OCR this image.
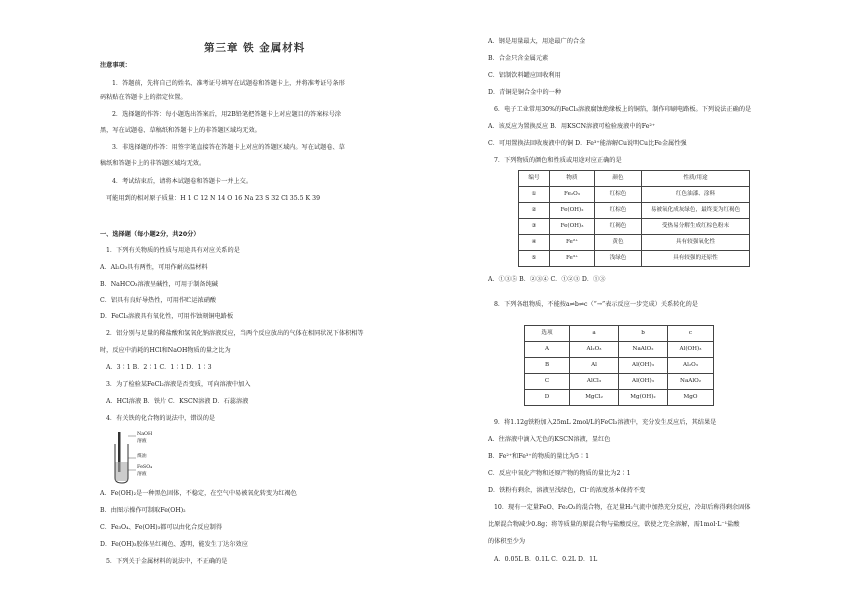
第三章 铁 金属材料
注意事项：
1．答题前，先将自己的姓名、准考证号填写在试题卷和答题卡上，并将准考证号条形
码粘贴在答题卡上的指定位置。
2．选择题的作答：每小题选出答案后，用2B铅笔把答题卡上对应题目的答案标号涂
黑，写在试题卷、草稿纸和答题卡上的非答题区域均无效。
3．非选择题的作答：用签字笔直接答在答题卡上对应的答题区域内。写在试题卷、草
稿纸和答题卡上的非答题区域均无效。
4．考试结束后，请将本试题卷和答题卡一并上交。
可能用到的相对原子质量：H 1 C 12 N 14 O 16 Na 23 S 32 Cl 35.5 K 39
一、选择题（每小题2分，共20分）
1．下列有关物质的性质与用途具有对应关系的是
A．Al₂O₃具有两性，可用作耐高温材料
B．NaHCO₃溶液呈碱性，可用于制备纯碱
C．铝具有良好导热性，可用作贮运浓硝酸
D．FeCl₃溶液具有氧化性，可用作蚀刻铜电路板
2．铝分别与足量的稀盐酸和氢氧化钠溶液反应，当两个反应放出的气体在相同状况下体积相等
时，反应中消耗的HCl和NaOH物质的量之比为
A．3∶1 B．2∶1 C．1∶1 D．1∶3
3．为了检验某FeCl₂溶液是否变质，可向溶液中加入
A．HCl溶液 B．铁片 C．KSCN溶液 D．石蕊溶液
4．有关铁的化合物的说法中，错误的是
NaOH
溶液
煤油
FeSO₄
溶液
A．Fe(OH)₂是一种黑色固体，不稳定，在空气中易被氧化转变为红褐色
B．由图示操作可制取Fe(OH)₂
C．Fe₃O₄、Fe(OH)₃都可以由化合反应制得
D．Fe(OH)₃胶体呈红褐色、透明，能发生丁达尔效应
5．下列关于金属材料的说法中，不正确的是
A．钢是用量最大，用途最广的合金
B．合金只含金属元素
C．铝制饮料罐应回收利用
D．青铜是铜合金中的一种
6．电子工业常用30%的FeCl₃溶液腐蚀绝缘板上的铜箔，制作印刷电路板。下列说法正确的是
A．该反应为置换反应 B．用KSCN溶液可检验废液中的Fe²⁺
C．可用置换法回收废液中的铜 D．Fe³⁺能溶解Cu说明Cu比Fe金属性强
7．下列物质的颜色和性质或用途对应正确的是
编号	物质	颜色	性质/用途
①	Fe₂O₃	红棕色	红色油漆、涂料
②	Fe(OH)₂	红棕色	易被氧化成灰绿色，最终变为红褐色
③	Fe(OH)₃	红褐色	受热易分解生成红棕色粉末
④	Fe²⁺	黄色	具有较强氧化性
⑤	Fe³⁺	浅绿色	具有较强的还原性
A．①③⑤ B．②③④ C．①②③ D．①③
8．下列各组物质，不能按a⇌b⇌c（“→”表示反应一步完成）关系转化的是
选项	a	b	c
A	Al₂O₃	NaAlO₂	Al(OH)₃
B	Al	Al(OH)₃	Al₂O₃
C	AlCl₃	Al(OH)₃	NaAlO₂
D	MgCl₂	Mg(OH)₂	MgO
9．将1.12g铁粉加入25mL 2mol/L的FeCl₃溶液中，充分发生反应后，其结果是
A．往溶液中滴入无色的KSCN溶液，显红色
B．Fe²⁺和Fe³⁺的物质的量比为5∶1
C．反应中氧化产物和还原产物的物质的量比为2∶1
D．铁粉有剩余，溶液呈浅绿色，Cl⁻的浓度基本保持不变
10．现有一定量FeO、Fe₂O₃的混合物，在足量H₂气流中加热充分反应，冷却后称得剩余固体
比原混合物减少0.8g；将等质量的原混合物与盐酸反应，欲使之完全溶解，需1mol·L⁻¹盐酸
的体积至少为
A．0.05L B．0.1L C．0.2L D．1L
